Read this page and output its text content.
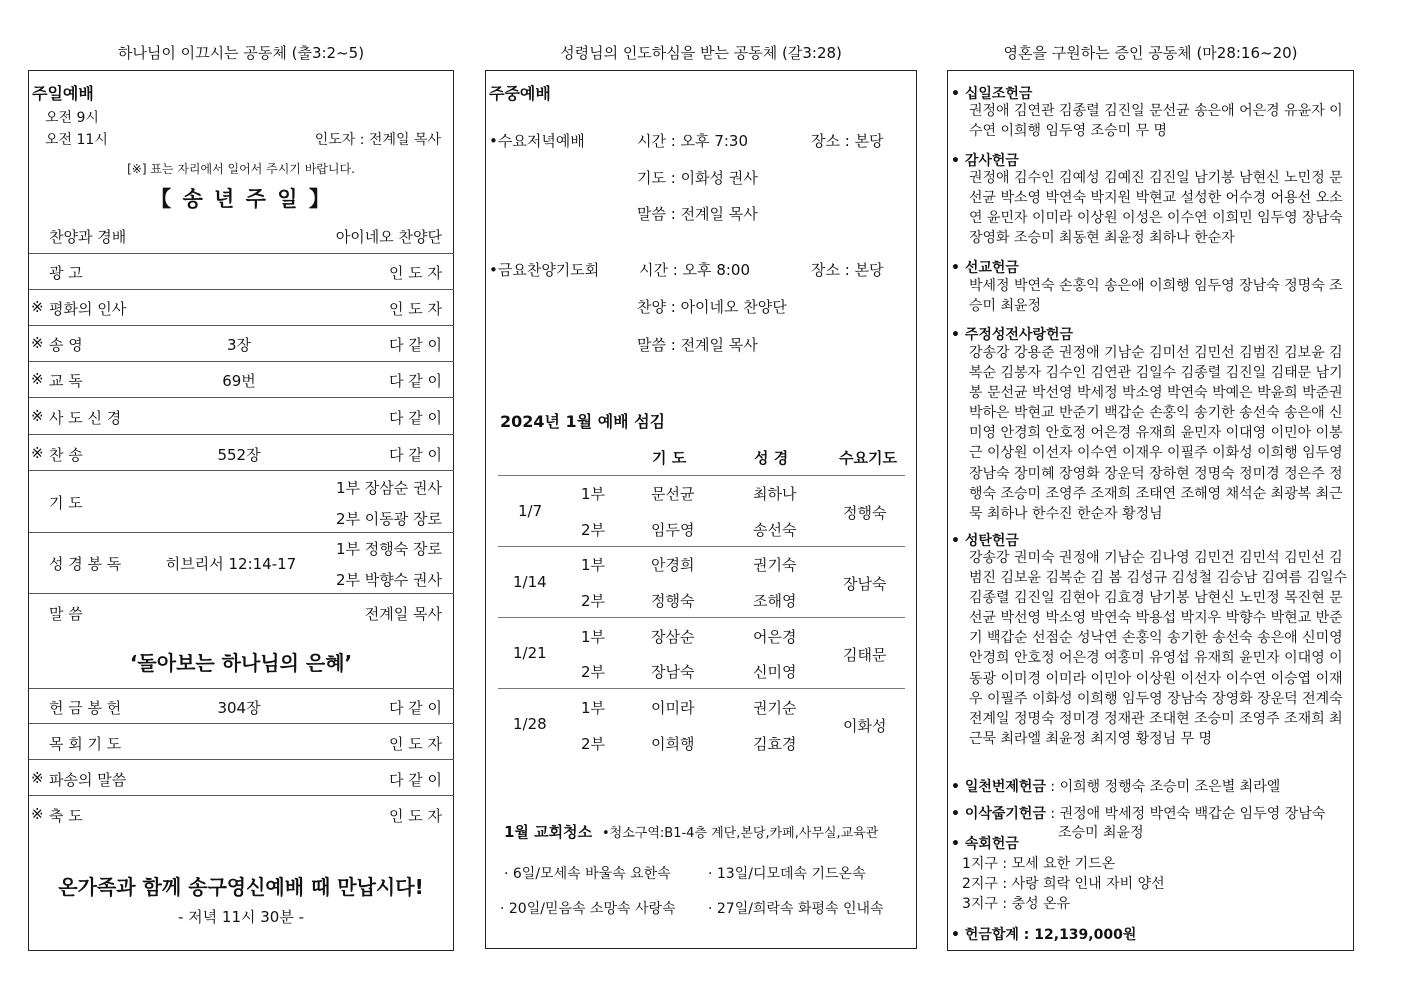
하나님이 이끄시는 공동체 (출3:2~5)	성령님의 인도하심을 받는 공동체 (갈3:28)	영혼을 구원하는 증인 공동체 (마28:16~20)
주일예배
오전 9시
오전 11시	인도자 : 전계일 목사
[※] 표는 자리에서 일어서 주시기 바랍니다.
【 송 년 주 일 】
찬양과 경배	아이네오 찬양단
광 고	인 도 자
※ 평화의 인사	인 도 자
※ 송 영	3장	다 같 이
※ 교 독	69번	다 같 이
※ 사 도 신 경	다 같 이
※ 찬 송	552장	다 같 이
1부 장삼순 권사
기 도
2부 이동광 장로
1부 정행숙 장로
성 경 봉 독	히브리서 12:14-17
2부 박향수 권사
말 씀	전계일 목사
‘돌아보는 하나님의 은혜’
헌 금 봉 헌	304장	다 같 이
목 회 기 도	인 도 자
※ 파송의 말씀	다 같 이
※ 축 도	인 도 자
온가족과 함께 송구영신예배 때 만납시다!
- 저녁 11시 30분 -
주중예배
•수요저녁예배	시간 : 오후 7:30	장소 : 본당
기도 : 이화성 권사
말씀 : 전계일 목사
•금요찬양기도회	시간 : 오후 8:00	장소 : 본당
찬양 : 아이네오 찬양단
말씀 : 전계일 목사
2024년 1월 예배 섬김
기 도	성 경	수요기도
1/7
1부	문선균	최하나
2부	임두영	송선숙
정행숙
1/14
1부	안경희	권기숙
2부	정행숙	조해영
장남숙
1/21
1부	장삼순	어은경
2부	장남숙	신미영
김태문
1/28
1부	이미라	권기순
2부	이희행	김효경
이화성
1월 교회청소 •청소구역:B1-4층 계단,본당,카페,사무실,교육관
· 6일/모세속 바울속 요한속	· 13일/디모데속 기드온속
· 20일/믿음속 소망속 사랑속 · 27일/희락속 화평속 인내속
• 십일조헌금
권정애 김연관 김종렬 김진일 문선균 송은애 어은경 유윤자 이수연 이희행 임두영 조승미 무 명
• 감사헌금
권정애 김수인 김예성 김예진 김진일 남기봉 남현신 노민정 문선균 박소영 박연숙 박지원 박현교 설성한 어수경 어용선 오소연 윤민자 이미라 이상원 이성은 이수연 이희민 임두영 장남숙 장영화 조승미 최동현 최윤정 최하나 한순자
• 선교헌금
박세정 박연숙 손홍익 송은애 이희행 임두영 장남숙 정명숙 조승미 최윤정
• 주정성전사랑헌금
강송강 강용준 권정애 기남순 김미선 김민선 김범진 김보윤 김복순 김봉자 김수인 김연관 김일수 김종렬 김진일 김태문 남기봉 문선균 박선영 박세정 박소영 박연숙 박예은 박윤희 박준권 박하은 박현교 반준기 백갑순 손홍익 송기한 송선숙 송은애 신미영 안경희 안호정 어은경 유재희 윤민자 이대영 이민아 이봉근 이상원 이선자 이수연 이재우 이필주 이화성 이희행 임두영 장남숙 장미혜 장영화 장운덕 장하현 정명숙 정미경 정은주 정행숙 조승미 조영주 조재희 조태연 조해영 채석순 최광복 최근묵 최하나 한수진 한순자 황정님
• 성탄헌금
강송강 권미숙 권정애 기남순 김나영 김민건 김민석 김민선 김범진 김보윤 김복순 김 봄 김성규 김성철 김승남 김여름 김일수 김종렬 김진일 김현아 김효경 남기봉 남현신 노민정 목진현 문선균 박선영 박소영 박연숙 박용섭 박지우 박향수 박현교 반준기 백갑순 선점순 성낙연 손홍익 송기한 송선숙 송은애 신미영 안경희 안호정 어은경 여홍미 유영섭 유재희 윤민자 이대영 이동광 이미경 이미라 이민아 이상원 이선자 이수연 이승엽 이재우 이필주 이화성 이희행 임두영 장남숙 장영화 장운덕 전계숙 전계일 정명숙 정미경 정재관 조대현 조승미 조영주 조재희 최근묵 최라엘 최윤정 최지영 황정님 무 명
• 일천번제헌금 : 이희행 정행숙 조승미 조은별 최라엘
• 이삭줍기헌금 : 권정애 박세정 박연숙 백갑순 임두영 장남숙
조승미 최윤정
• 속회헌금
1지구 : 모세 요한 기드온
2지구 : 사랑 희락 인내 자비 양선
3지구 : 충성 온유
• 헌금합계 : 12,139,000원
